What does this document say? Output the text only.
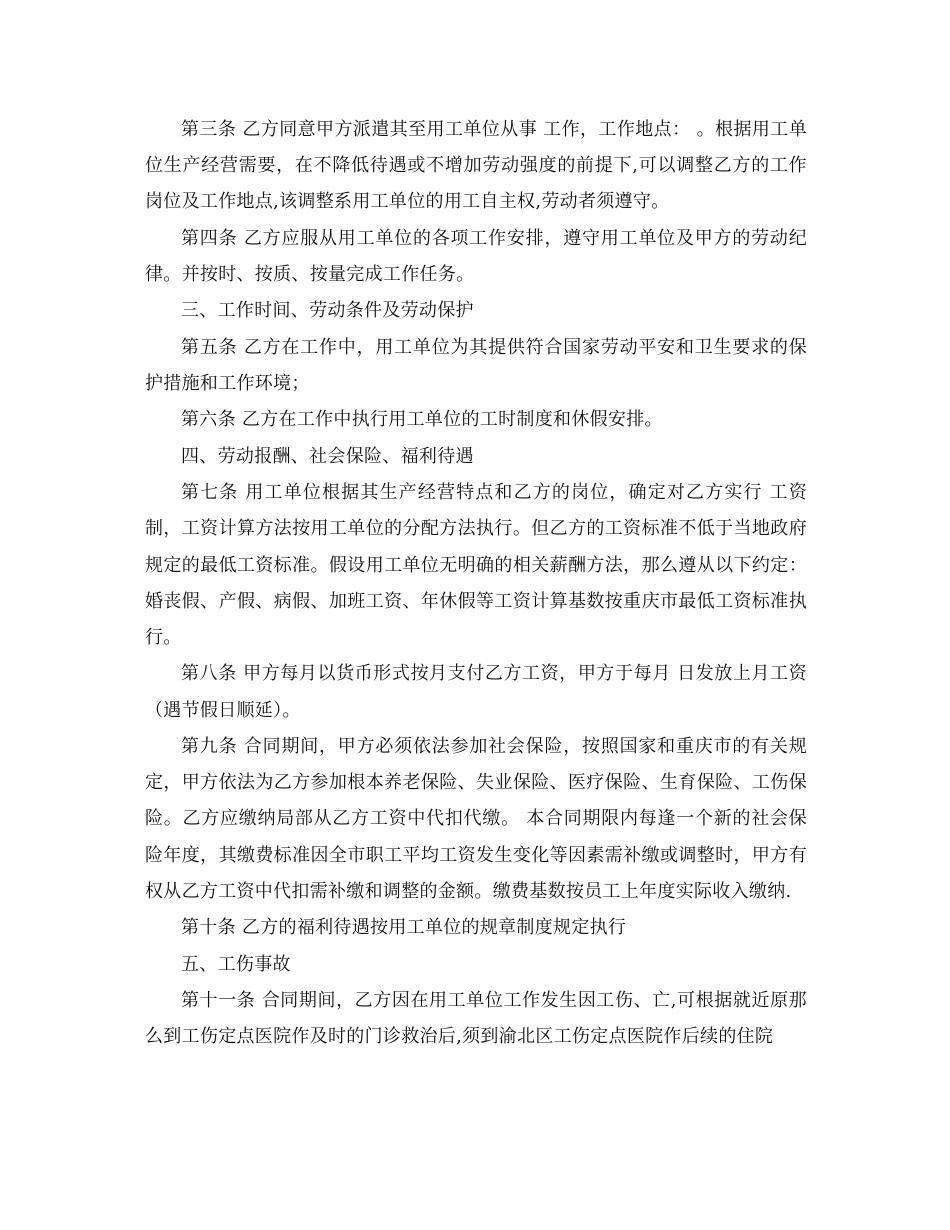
第三条 乙方同意甲方派遣其至用工单位从事 工作，工作地点： 。根据用工单位生产经营需要，在不降低待遇或不增加劳动强度的前提下,可以调整乙方的工作岗位及工作地点,该调整系用工单位的用工自主权,劳动者须遵守。

第四条 乙方应服从用工单位的各项工作安排，遵守用工单位及甲方的劳动纪律。并按时、按质、按量完成工作任务。

三、工作时间、劳动条件及劳动保护

第五条 乙方在工作中，用工单位为其提供符合国家劳动平安和卫生要求的保护措施和工作环境；

第六条 乙方在工作中执行用工单位的工时制度和休假安排。

四、劳动报酬、社会保险、福利待遇

第七条 用工单位根据其生产经营特点和乙方的岗位，确定对乙方实行 工资制，工资计算方法按用工单位的分配方法执行。但乙方的工资标准不低于当地政府规定的最低工资标准。假设用工单位无明确的相关薪酬方法，那么遵从以下约定：婚丧假、产假、病假、加班工资、年休假等工资计算基数按重庆市最低工资标准执行。

第八条 甲方每月以货币形式按月支付乙方工资，甲方于每月 日发放上月工资（遇节假日顺延）。

第九条 合同期间，甲方必须依法参加社会保险，按照国家和重庆市的有关规定，甲方依法为乙方参加根本养老保险、失业保险、医疗保险、生育保险、工伤保险。乙方应缴纳局部从乙方工资中代扣代缴。 本合同期限内每逢一个新的社会保险年度，其缴费标准因全市职工平均工资发生变化等因素需补缴或调整时，甲方有权从乙方工资中代扣需补缴和调整的金额。缴费基数按员工上年度实际收入缴纳.

第十条 乙方的福利待遇按用工单位的规章制度规定执行

五、工伤事故

第十一条 合同期间，乙方因在用工单位工作发生因工伤、亡,可根据就近原那么到工伤定点医院作及时的门诊救治后,须到渝北区工伤定点医院作后续的住院
